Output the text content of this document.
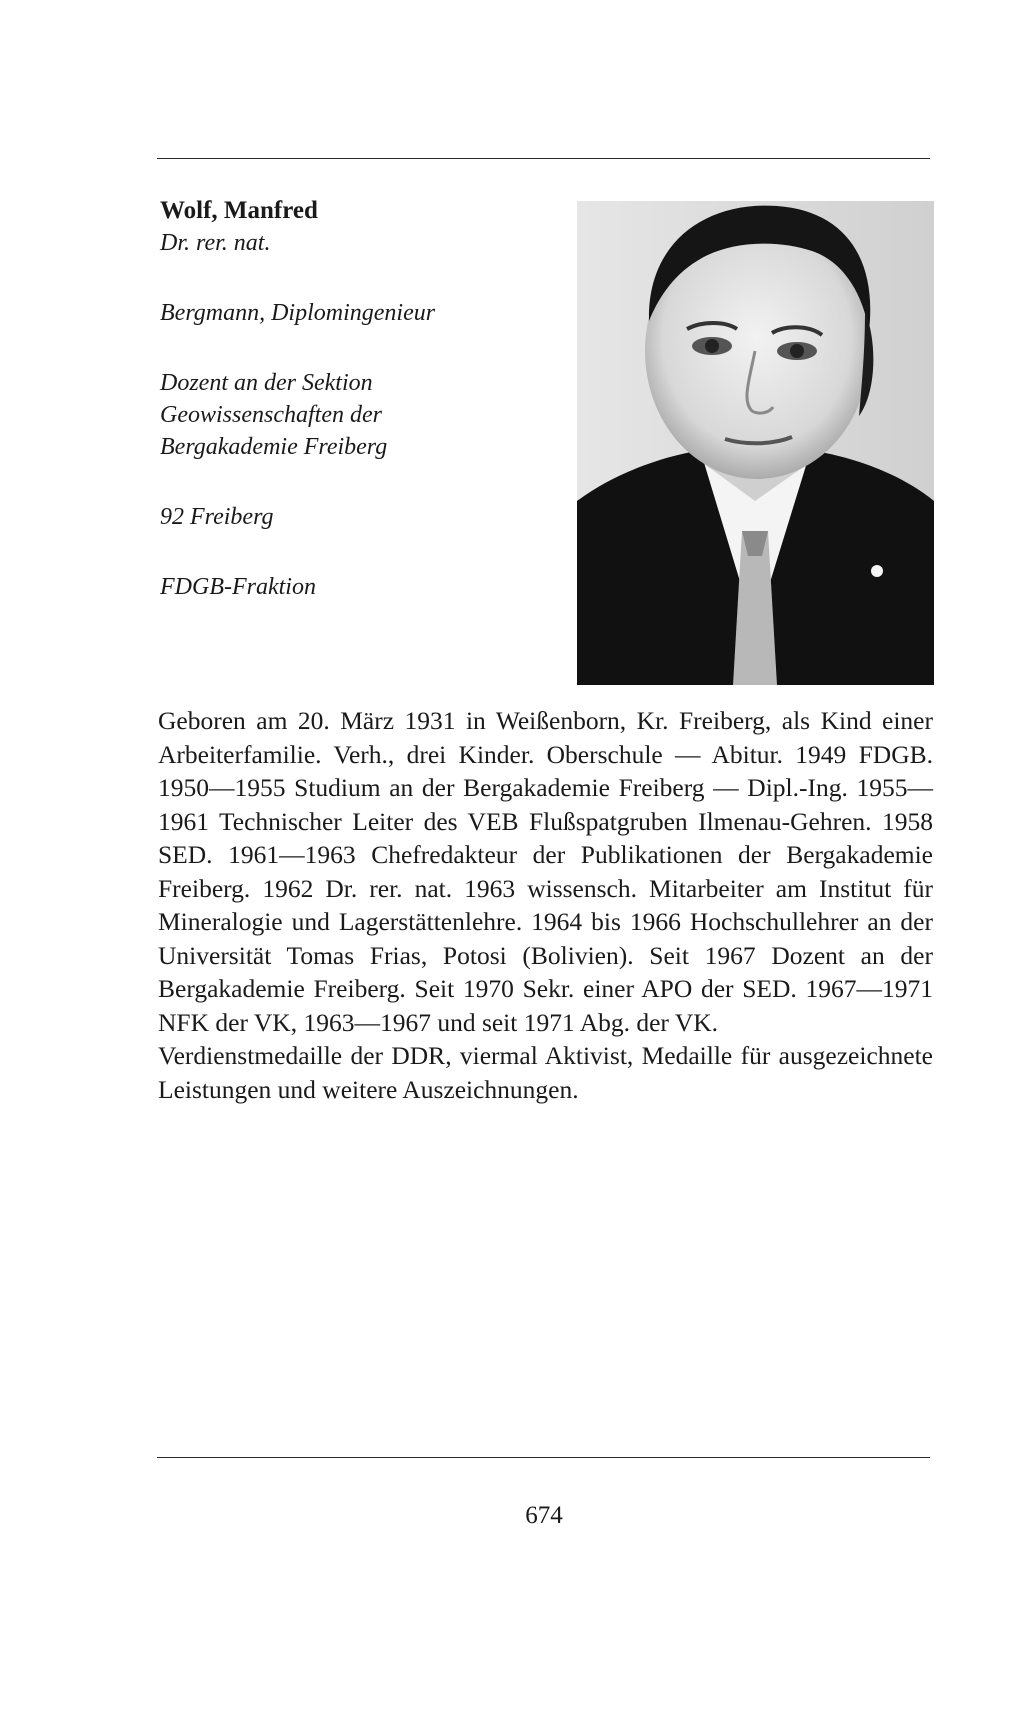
Wolf, Manfred

Dr. rer. nat.

Bergmann, Diplomingenieur

Dozent an der Sektion

Geowissenschaften der

Bergakademie Freiberg

92 Freiberg

FDGB-Fraktion

Geboren am 20. März 1931 in Weißenborn, Kr. Freiberg, als Kind einer Arbeiterfamilie. Verh., drei Kinder. Oberschule — Abitur. 1949 FDGB. 1950—1955 Studium an der Bergakademie Freiberg — Dipl.-Ing. 1955—1961 Technischer Leiter des VEB Flußspatgruben Ilmenau-Gehren. 1958 SED. 1961—1963 Chefredakteur der Publikationen der Bergakademie Freiberg. 1962 Dr. rer. nat. 1963 wissensch. Mitarbeiter am Institut für Mineralogie und Lagerstättenlehre. 1964 bis 1966 Hochschullehrer an der Universität Tomas Frias, Potosi (Bolivien). Seit 1967 Dozent an der Bergakademie Freiberg. Seit 1970 Sekr. einer APO der SED. 1967—1971 NFK der VK, 1963—1967 und seit 1971 Abg. der VK.

Verdienstmedaille der DDR, viermal Aktivist, Medaille für ausgezeichnete Leistungen und weitere Auszeichnungen.

674
